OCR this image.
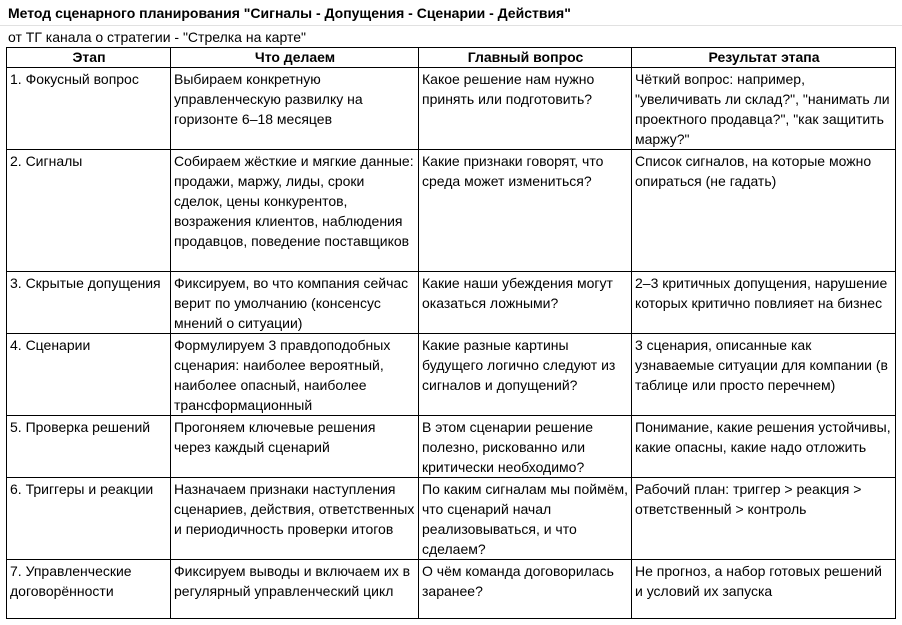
Метод сценарного планирования "Сигналы - Допущения - Сценарии - Действия"
от ТГ канала о стратегии - "Стрелка на карте"
Этап	Что делаем	Главный вопрос	Результат этапа
1. Фокусный вопрос	Выбираем конкретную управленческую развилку на горизонте 6–18 месяцев	Какое решение нам нужно принять или подготовить?	Чёткий вопрос: например, "увеличивать ли склад?", "нанимать ли проектного продавца?", "как защитить маржу?"
2. Сигналы	Собираем жёсткие и мягкие данные: продажи, маржу, лиды, сроки сделок, цены конкурентов, возражения клиентов, наблюдения продавцов, поведение поставщиков	Какие признаки говорят, что среда может измениться?	Список сигналов, на которые можно опираться (не гадать)
3. Скрытые допущения	Фиксируем, во что компания сейчас верит по умолчанию (консенсус мнений о ситуации)	Какие наши убеждения могут оказаться ложными?	2–3 критичных допущения, нарушение которых критично повлияет на бизнес
4. Сценарии	Формулируем 3 правдоподобных сценария: наиболее вероятный, наиболее опасный, наиболее трансформационный	Какие разные картины будущего логично следуют из сигналов и допущений?	3 сценария, описанные как узнаваемые ситуации для компании (в таблице или просто перечнем)
5. Проверка решений	Прогоняем ключевые решения через каждый сценарий	В этом сценарии решение полезно, рискованно или критически необходимо?	Понимание, какие решения устойчивы, какие опасны, какие надо отложить
6. Триггеры и реакции	Назначаем признаки наступления сценариев, действия, ответственных и периодичность проверки итогов	По каким сигналам мы поймём, что сценарий начал реализовываться, и что сделаем?	Рабочий план: триггер > реакция > ответственный > контроль
7. Управленческие договорённости	Фиксируем выводы и включаем их в регулярный управленческий цикл	О чём команда договорилась заранее?	Не прогноз, а набор готовых решений и условий их запуска
